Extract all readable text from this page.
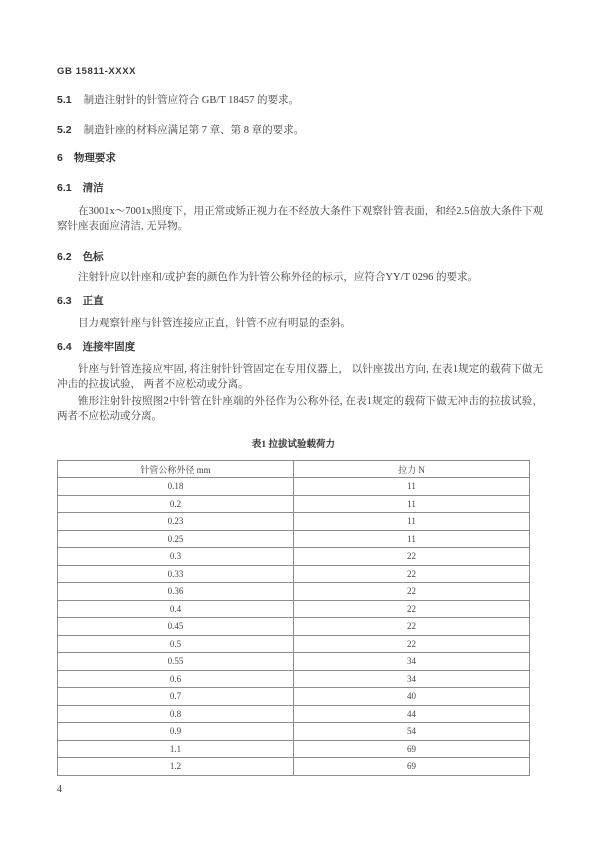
GB 15811-XXXX

5.1 制造注射针的针管应符合 GB/T 18457 的要求。

5.2 制造针座的材料应满足第 7 章、第 8 章的要求。

6 物理要求

6.1 清洁

在3001x～7001x照度下，用正常或矫正视力在不经放大条件下观察针管表面，和经2.5倍放大条件下观察针座表面应清洁, 无异物。

6.2 色标

注射针应以针座和/或护套的颜色作为针管公称外径的标示，应符合YY/T 0296 的要求。

6.3 正直

目力观察针座与针管连接应正直，针管不应有明显的歪斜。

6.4 连接牢固度

针座与针管连接应牢固, 将注射针针管固定在专用仪器上， 以针座拔出方向, 在表1规定的载荷下做无冲击的拉拔试验， 两者不应松动或分离。

锥形注射针按照图2中针管在针座端的外径作为公称外径, 在表1规定的载荷下做无冲击的拉拔试验， 两者不应松动或分离。

表1 拉拔试验载荷力
针管公称外径 mm	拉力 N
0.18	11
0.2	11
0.23	11
0.25	11
0.3	22
0.33	22
0.36	22
0.4	22
0.45	22
0.5	22
0.55	34
0.6	34
0.7	40
0.8	44
0.9	54
1.1	69
1.2	69
4
